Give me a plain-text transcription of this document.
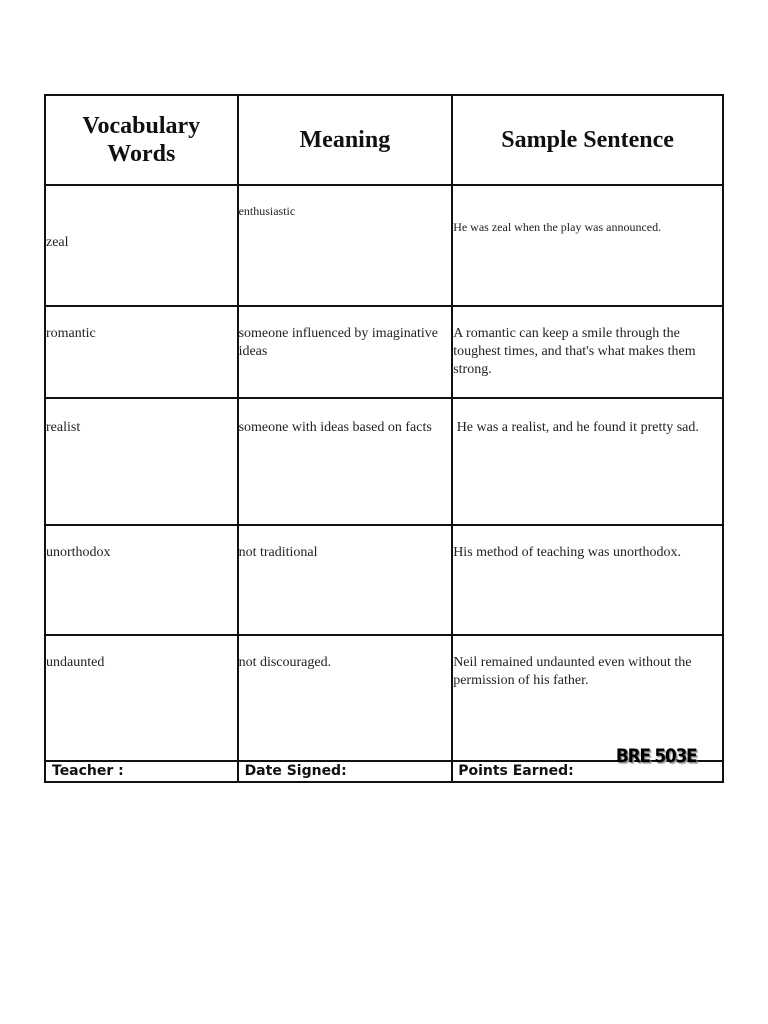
Vocabulary
Words	Meaning	Sample Sentence

zeal	enthusiastic	He was zeal when the play was announced.

romantic	someone influenced by imaginative ideas	A romantic can keep a smile through the toughest times, and that's what makes them strong.

realist	someone with ideas based on facts	He was a realist, and he found it pretty sad.

unorthodox	not traditional	His method of teaching was unorthodox.

undaunted	not discouraged.	Neil remained undaunted even without the permission of his father.

Teacher :	Date Signed:	Points Earned:
BRE 503E
